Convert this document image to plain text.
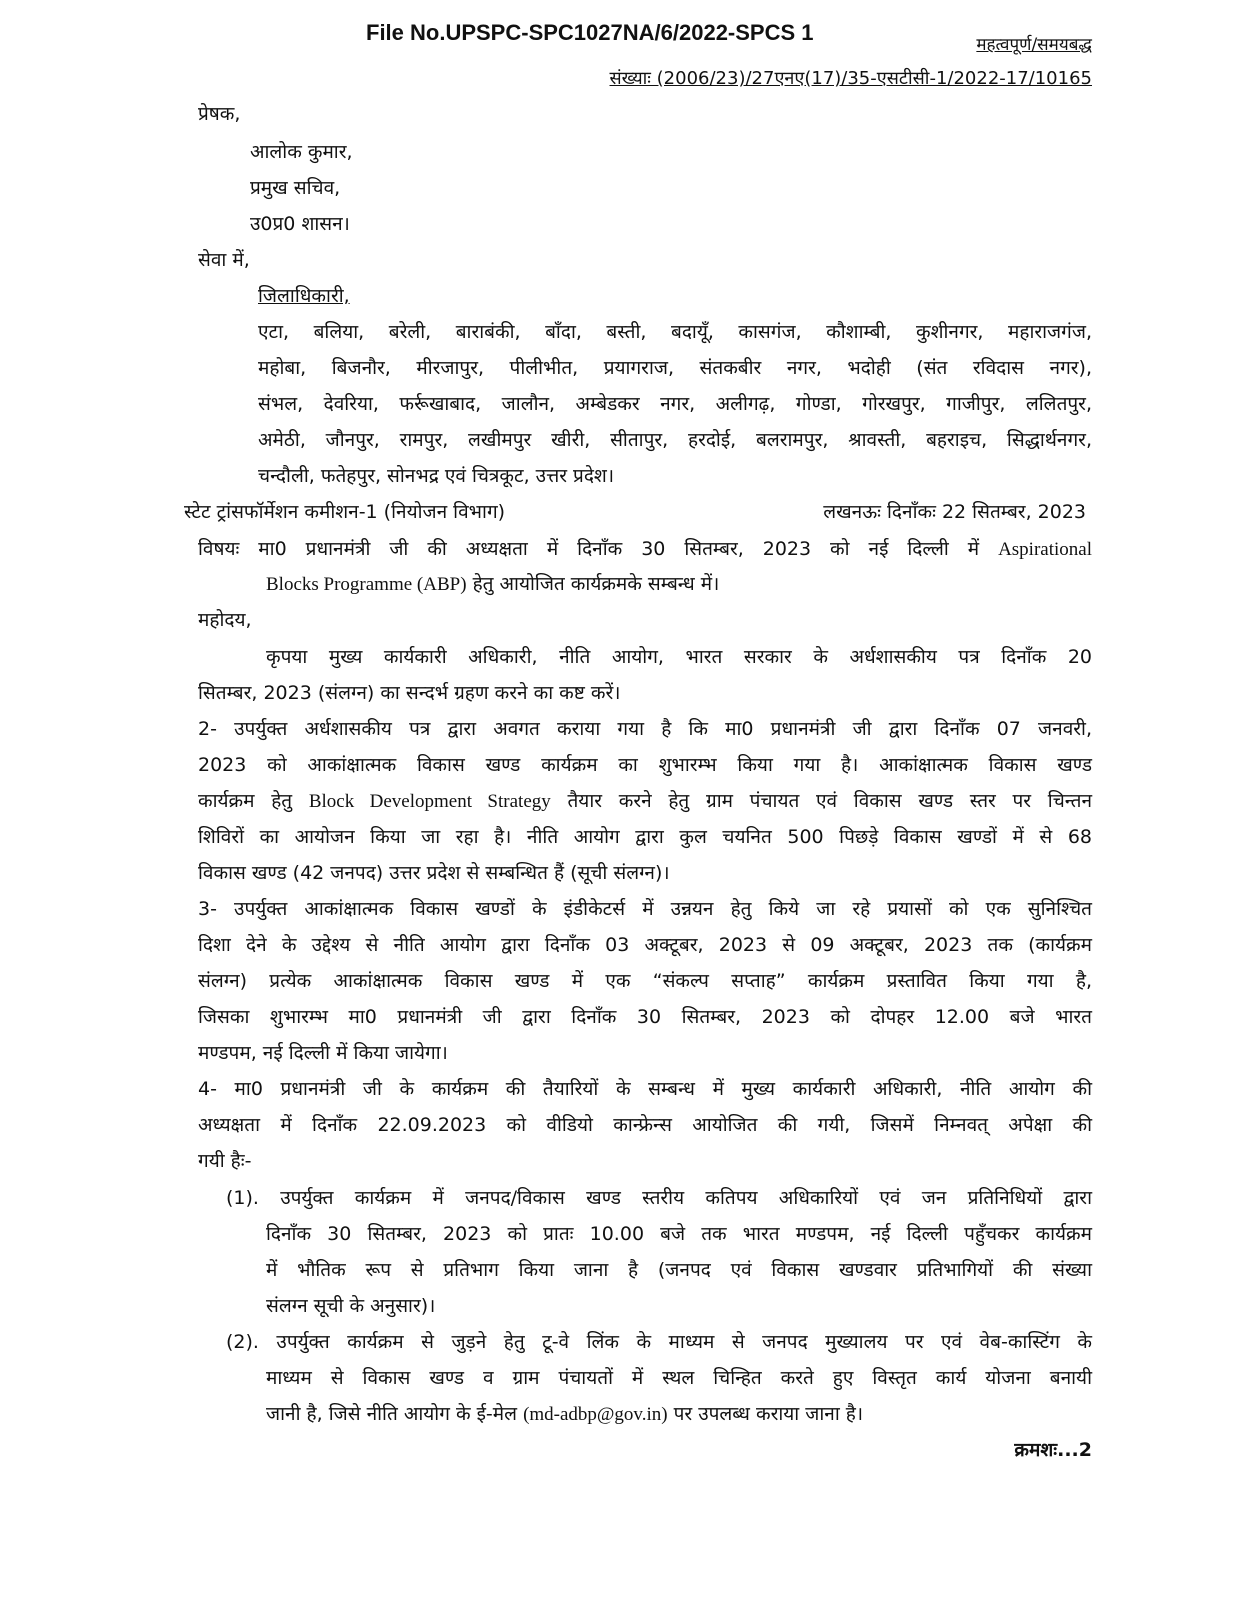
File No.UPSPC-SPC1027NA/6/2022-SPCS 1	महत्वपूर्ण/समयबद्ध
संख्याः (2006/23)/27एनए(17)/35-एसटीसी-1/2022-17/10165
प्रेषक,
आलोक कुमार,
प्रमुख सचिव,
उ0प्र0 शासन।
सेवा में,
जिलाधिकारी,
एटा, बलिया, बरेली, बाराबंकी, बाँदा, बस्ती, बदायूँ, कासगंज, कौशाम्बी, कुशीनगर, महाराजगंज,
महोबा, बिजनौर, मीरजापुर, पीलीभीत, प्रयागराज, संतकबीर नगर, भदोही (संत रविदास नगर),
संभल, देवरिया, फर्रूखाबाद, जालौन, अम्बेडकर नगर, अलीगढ़, गोण्डा, गोरखपुर, गाजीपुर, ललितपुर,
अमेठी, जौनपुर, रामपुर, लखीमपुर खीरी, सीतापुर, हरदोई, बलरामपुर, श्रावस्ती, बहराइच, सिद्धार्थनगर,
चन्दौली, फतेहपुर, सोनभद्र एवं चित्रकूट, उत्तर प्रदेश।
स्टेट ट्रांसफॉर्मेशन कमीशन-1 (नियोजन विभाग)	लखनऊः दिनाँकः 22 सितम्बर, 2023
विषयः मा0 प्रधानमंत्री जी की अध्यक्षता में दिनाँक 30 सितम्बर, 2023 को नई दिल्ली में Aspirational
Blocks Programme (ABP) हेतु आयोजित कार्यक्रमके सम्बन्ध में।
महोदय,
कृपया मुख्य कार्यकारी अधिकारी, नीति आयोग, भारत सरकार के अर्धशासकीय पत्र दिनाँक 20
सितम्बर, 2023 (संलग्न) का सन्दर्भ ग्रहण करने का कष्ट करें।
2- उपर्युक्त अर्धशासकीय पत्र द्वारा अवगत कराया गया है कि मा0 प्रधानमंत्री जी द्वारा दिनाँक 07 जनवरी,
2023 को आकांक्षात्मक विकास खण्ड कार्यक्रम का शुभारम्भ किया गया है। आकांक्षात्मक विकास खण्ड
कार्यक्रम हेतु Block Development Strategy तैयार करने हेतु ग्राम पंचायत एवं विकास खण्ड स्तर पर चिन्तन
शिविरों का आयोजन किया जा रहा है। नीति आयोग द्वारा कुल चयनित 500 पिछड़े विकास खण्डों में से 68
विकास खण्ड (42 जनपद) उत्तर प्रदेश से सम्बन्धित हैं (सूची संलग्न)।
3- उपर्युक्त आकांक्षात्मक विकास खण्डों के इंडीकेटर्स में उन्नयन हेतु किये जा रहे प्रयासों को एक सुनिश्चित
दिशा देने के उद्देश्य से नीति आयोग द्वारा दिनाँक 03 अक्टूबर, 2023 से 09 अक्टूबर, 2023 तक (कार्यक्रम
संलग्न) प्रत्येक आकांक्षात्मक विकास खण्ड में एक “संकल्प सप्ताह” कार्यक्रम प्रस्तावित किया गया है,
जिसका शुभारम्भ मा0 प्रधानमंत्री जी द्वारा दिनाँक 30 सितम्बर, 2023 को दोपहर 12.00 बजे भारत
मण्डपम, नई दिल्ली में किया जायेगा।
4- मा0 प्रधानमंत्री जी के कार्यक्रम की तैयारियों के सम्बन्ध में मुख्य कार्यकारी अधिकारी, नीति आयोग की
अध्यक्षता में दिनाँक 22.09.2023 को वीडियो कान्फ्रेन्स आयोजित की गयी, जिसमें निम्नवत् अपेक्षा की
गयी हैः-
(1). उपर्युक्त कार्यक्रम में जनपद/विकास खण्ड स्तरीय कतिपय अधिकारियों एवं जन प्रतिनिधियों द्वारा
दिनाँक 30 सितम्बर, 2023 को प्रातः 10.00 बजे तक भारत मण्डपम, नई दिल्ली पहुँचकर कार्यक्रम
में भौतिक रूप से प्रतिभाग किया जाना है (जनपद एवं विकास खण्डवार प्रतिभागियों की संख्या
संलग्न सूची के अनुसार)।
(2). उपर्युक्त कार्यक्रम से जुड़ने हेतु टू-वे लिंक के माध्यम से जनपद मुख्यालय पर एवं वेब-कास्टिंग के
माध्यम से विकास खण्ड व ग्राम पंचायतों में स्थल चिन्हित करते हुए विस्तृत कार्य योजना बनायी
जानी है, जिसे नीति आयोग के ई-मेल (md-adbp@gov.in) पर उपलब्ध कराया जाना है।
क्रमशः...2
